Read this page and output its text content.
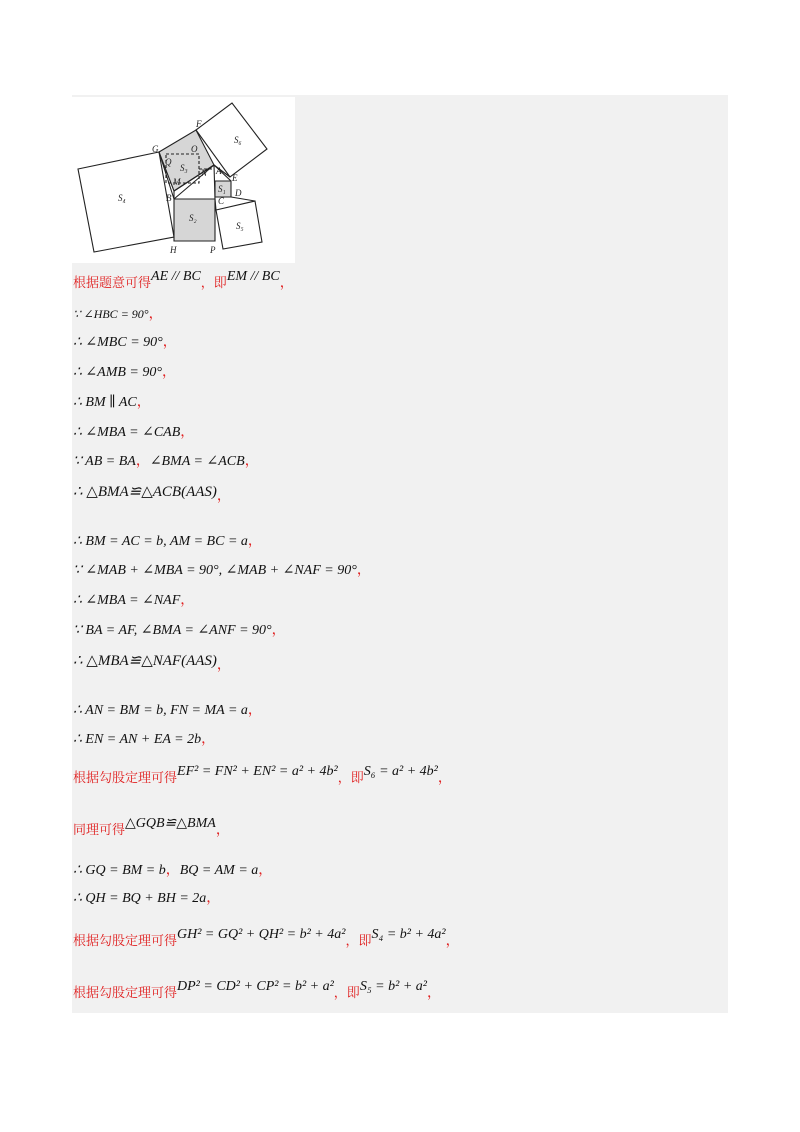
G
F
O
Q
S₃ N
M
A
E
S₁ D
B	C
S₄
S₂
S₅
S₆
H	P
根据题意可得AE // BC，即EM // BC，
∵ ∠HBC = 90°，
∴ ∠MBC = 90°，
∴ ∠AMB = 90°，
∴ BM ∥ AC，
∴ ∠MBA = ∠CAB，
∵ AB = BA，∠BMA = ∠ACB，
∴ △BMA≌△ACB(AAS)，
∴ BM = AC = b, AM = BC = a，
∵ ∠MAB + ∠MBA = 90°, ∠MAB + ∠NAF = 90°，
∴ ∠MBA = ∠NAF，
∵ BA = AF, ∠BMA = ∠ANF = 90°，
∴ △MBA≌△NAF(AAS)，
∴ AN = BM = b, FN = MA = a，
∴ EN = AN + EA = 2b，
根据勾股定理可得EF² = FN² + EN² = a² + 4b²，即S₆ = a² + 4b²，
同理可得△GQB≌△BMA，
∴ GQ = BM = b，BQ = AM = a，
∴ QH = BQ + BH = 2a，
根据勾股定理可得GH² = GQ² + QH² = b² + 4a²，即S₄ = b² + 4a²，
根据勾股定理可得DP² = CD² + CP² = b² + a²，即S₅ = b² + a²，
